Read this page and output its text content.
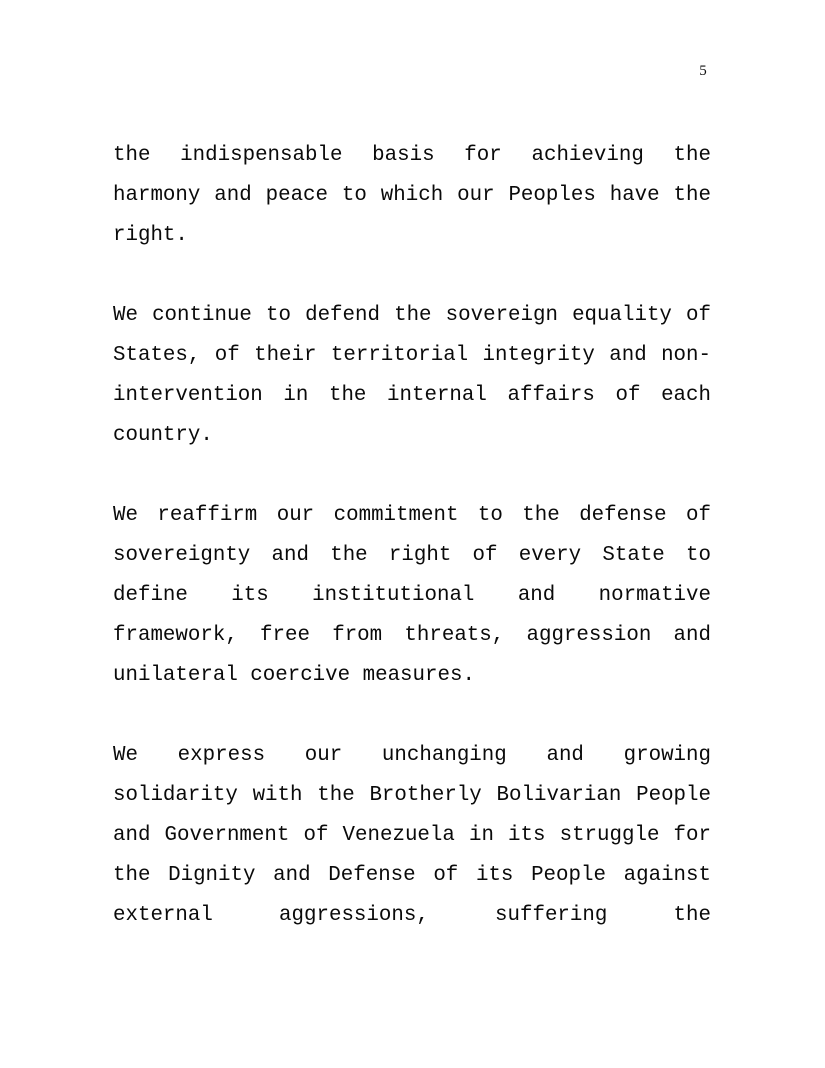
5

the indispensable basis for achieving the harmony and peace to which our Peoples have the right.

We continue to defend the sovereign equality of States, of their territorial integrity and non-intervention in the internal affairs of each country.

We reaffirm our commitment to the defense of sovereignty and the right of every State to define its institutional and normative framework, free from threats, aggression and unilateral coercive measures.

We express our unchanging and growing solidarity with the Brotherly Bolivarian People and Government of Venezuela in its struggle for the Dignity and Defense of its People against external aggressions, suffering the
